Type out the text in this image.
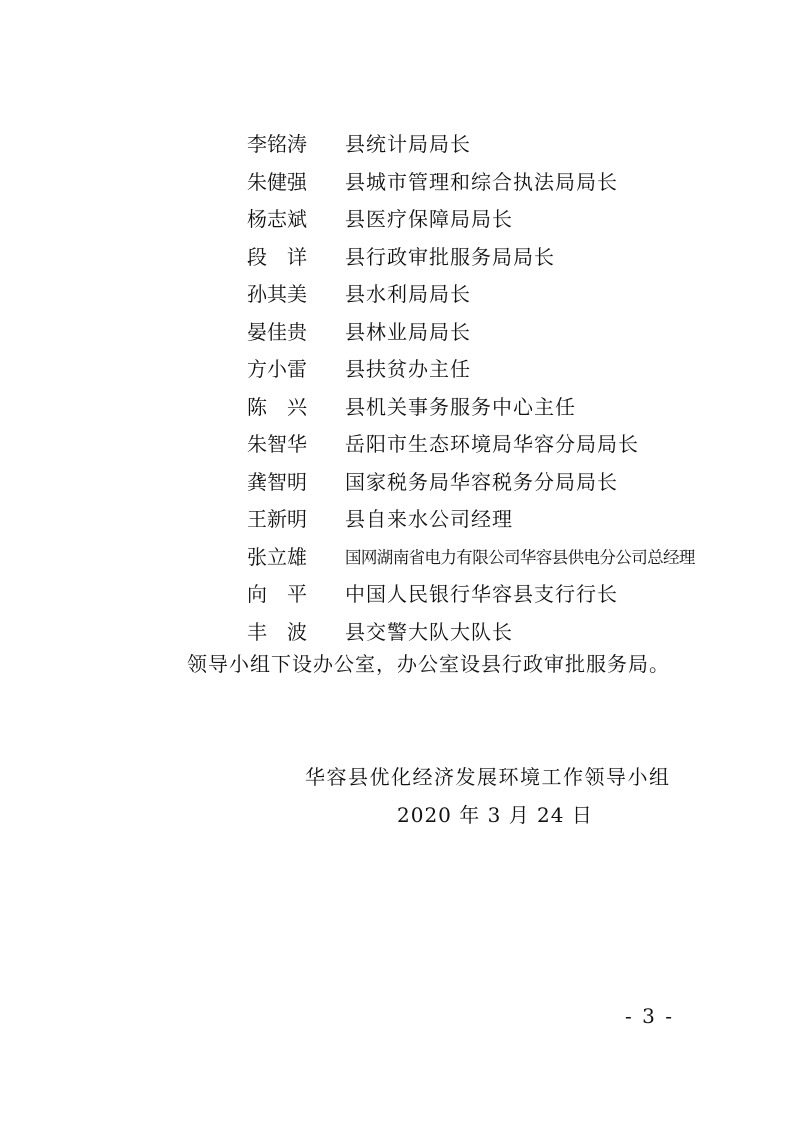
李铭涛	县统计局局长
朱健强	县城市管理和综合执法局局长
杨志斌	县医疗保障局局长
段　详	县行政审批服务局局长
孙其美	县水利局局长
晏佳贵	县林业局局长
方小雷	县扶贫办主任
陈　兴	县机关事务服务中心主任
朱智华	岳阳市生态环境局华容分局局长
龚智明	国家税务局华容税务分局局长
王新明	县自来水公司经理
张立雄	国网湖南省电力有限公司华容县供电分公司总经理
向　平	中国人民银行华容县支行行长
丰　波	县交警大队大队长
领导小组下设办公室，办公室设县行政审批服务局。
华容县优化经济发展环境工作领导小组
2020 年 3 月 24 日
- 3 -
